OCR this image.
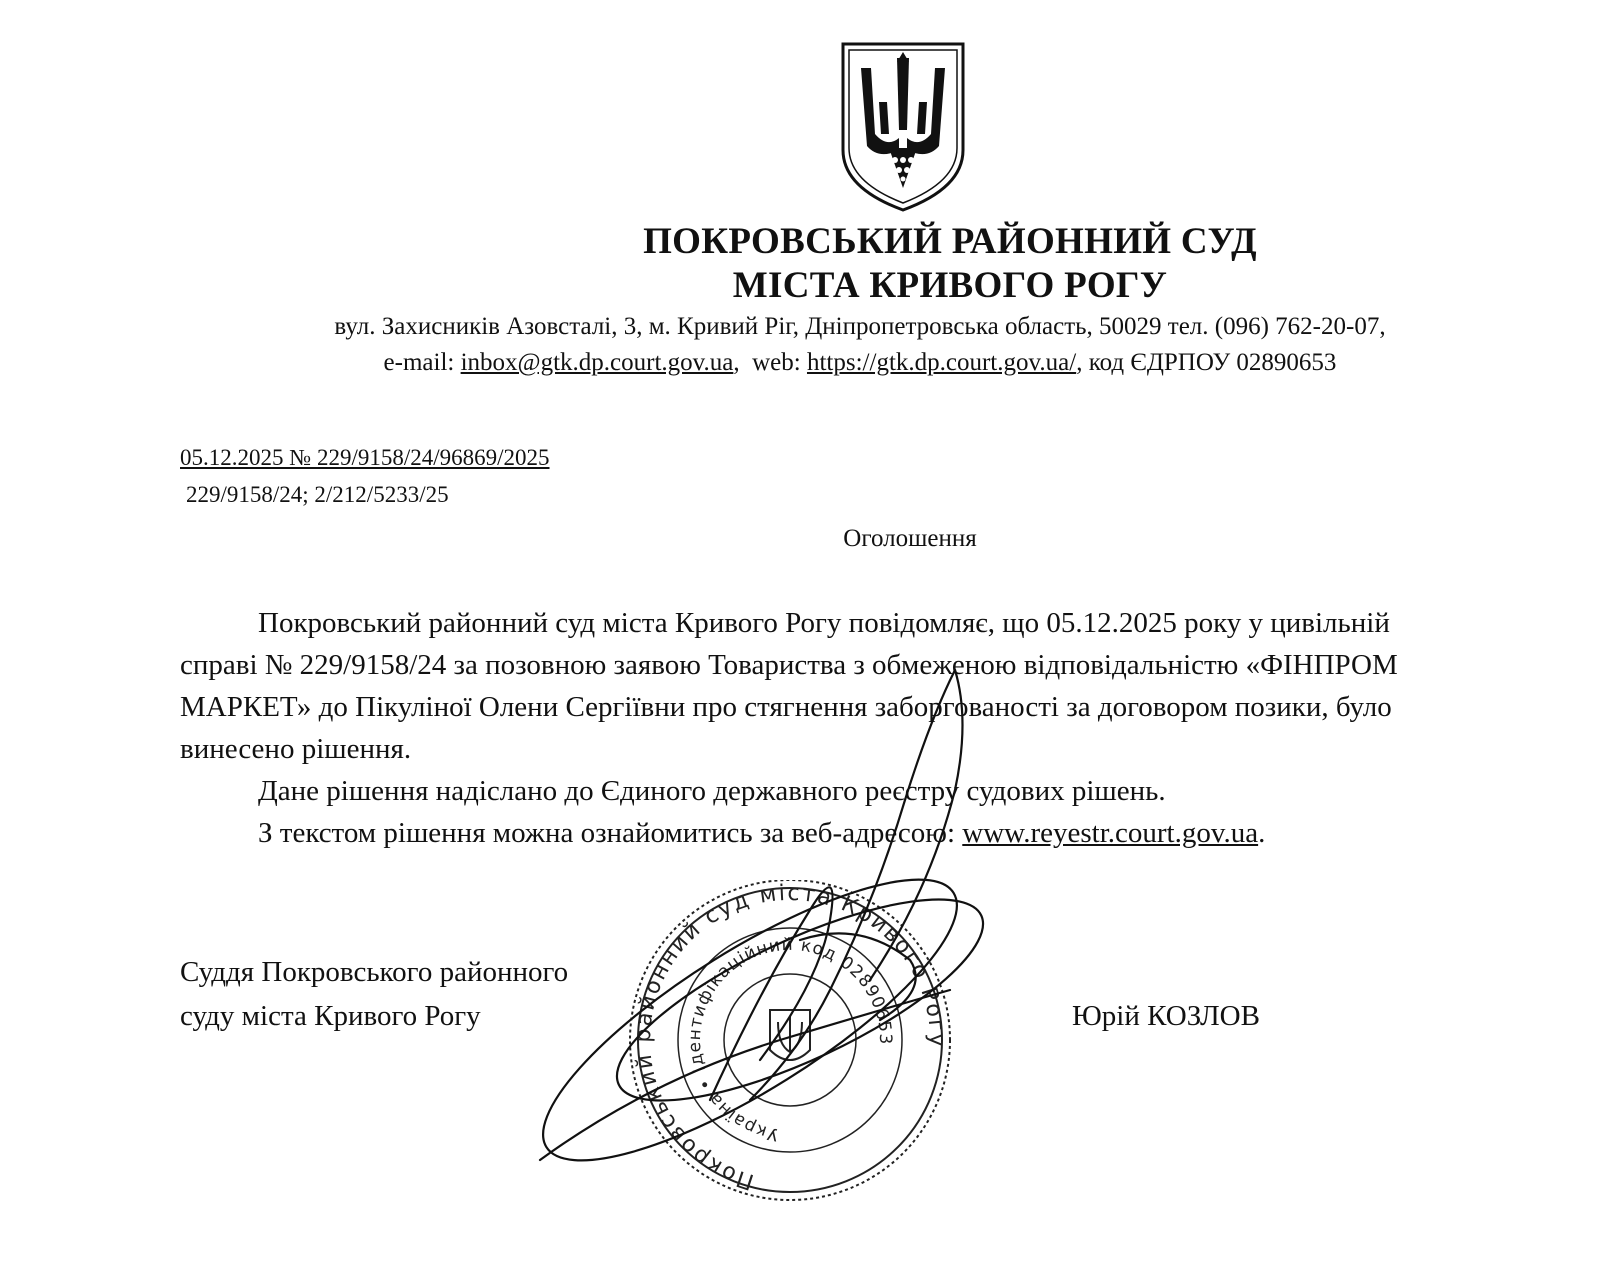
ПОКРОВСЬКИЙ РАЙОННИЙ СУД
МІСТА КРИВОГО РОГУ
вул. Захисників Азовсталі, 3, м. Кривий Ріг, Дніпропетровська область, 50029 тел. (096) 762-20-07,
e-mail: inbox@gtk.dp.court.gov.ua,  web: https://gtk.dp.court.gov.ua/, код ЄДРПОУ 02890653
05.12.2025 № 229/9158/24/96869/2025
229/9158/24; 2/212/5233/25
Оголошення
Покровський районний суд міста Кривого Рогу повідомляє, що 05.12.2025 року у цивільній
справі № 229/9158/24 за позовною заявою Товариства з обмеженою відповідальністю «ФІНПРОМ
МАРКЕТ» до Пікуліної Олени Сергіївни про стягнення заборгованості за договором позики, було
винесено рішення.
Дане рішення надіслано до Єдиного державного реєстру судових рішень.
З текстом рішення можна ознайомитись за веб-адресою: www.reyestr.court.gov.ua.
Суддя Покровського районного
суду міста Кривого Рогу	Юрій КОЗЛОВ
Покровський районний суд міста Кривого Рогу
Україна • Ідентифікаційний код 02890653
